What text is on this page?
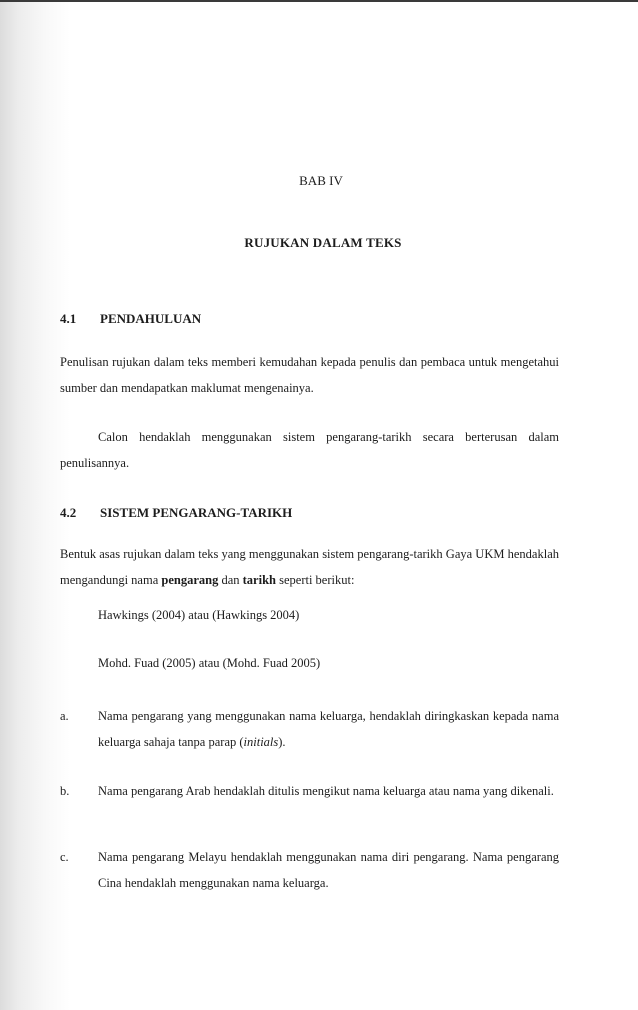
BAB IV
RUJUKAN DALAM TEKS
4.1 PENDAHULUAN
Penulisan rujukan dalam teks memberi kemudahan kepada penulis dan pembaca untuk mengetahui sumber dan mendapatkan maklumat mengenainya.
Calon hendaklah menggunakan sistem pengarang-tarikh secara berterusan dalam penulisannya.
4.2 SISTEM PENGARANG-TARIKH
Bentuk asas rujukan dalam teks yang menggunakan sistem pengarang-tarikh Gaya UKM hendaklah mengandungi nama pengarang dan tarikh seperti berikut:
Hawkings (2004) atau (Hawkings 2004)
Mohd. Fuad (2005) atau (Mohd. Fuad 2005)
a. Nama pengarang yang menggunakan nama keluarga, hendaklah diringkaskan kepada nama keluarga sahaja tanpa parap (initials).
b. Nama pengarang Arab hendaklah ditulis mengikut nama keluarga atau nama yang dikenali.
c. Nama pengarang Melayu hendaklah menggunakan nama diri pengarang. Nama pengarang Cina hendaklah menggunakan nama keluarga.
